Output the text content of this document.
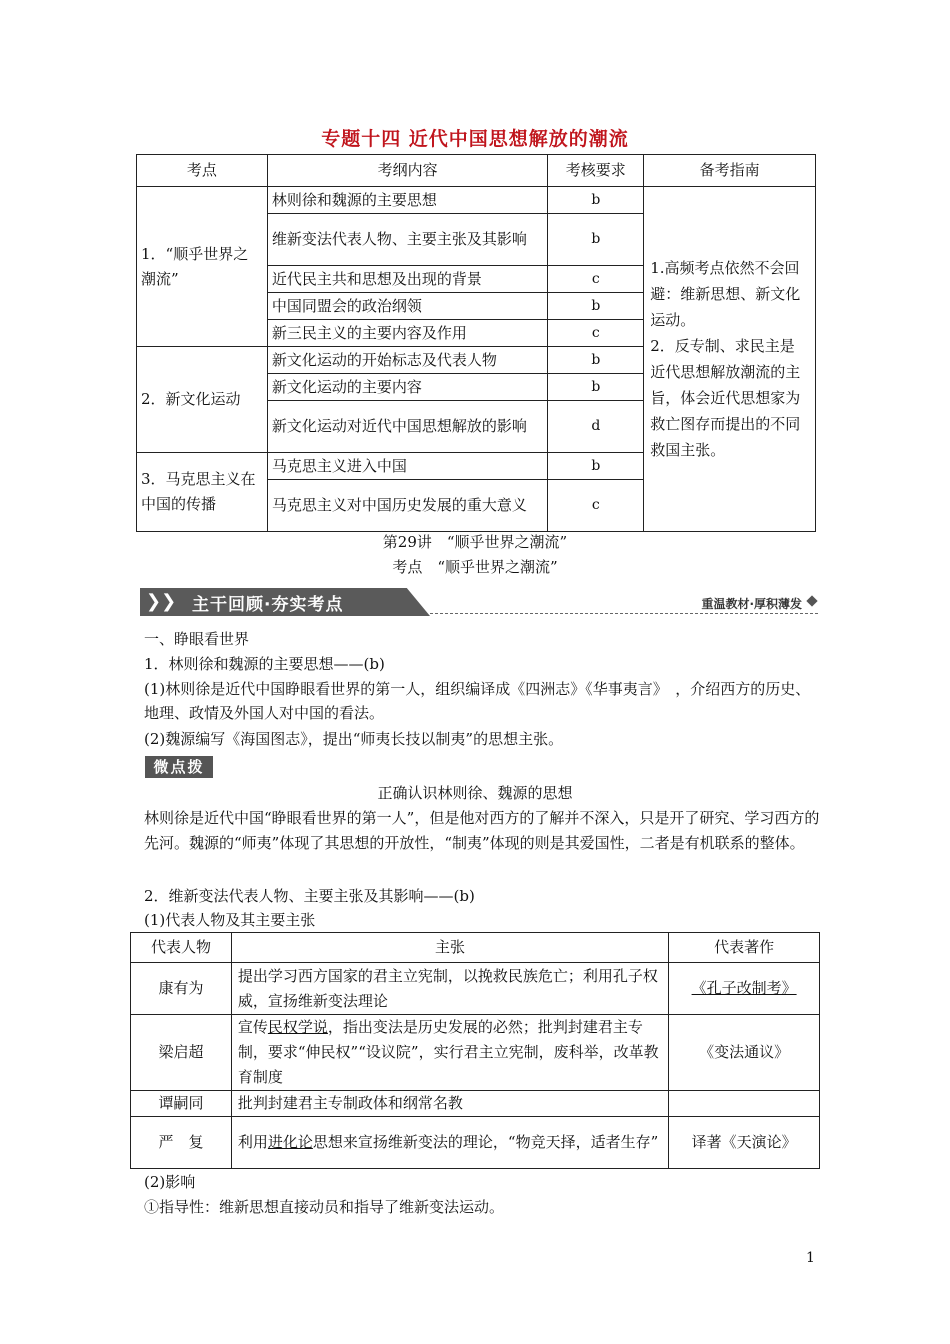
专题十四 近代中国思想解放的潮流
考点	考纲内容	考核要求	备考指南
1．“顺乎世界之潮流”	林则徐和魏源的主要思想	b	1.高频考点依然不会回避：维新思想、新文化运动。
2．反专制、求民主是近代思想解放潮流的主旨，体会近代思想家为救亡图存而提出的不同救国主张。

	维新变法代表人物、主要主张及其影响	b	
	近代民主共和思想及出现的背景	c	
	中国同盟会的政治纲领	b	
	新三民主义的主要内容及作用	c	
2．新文化运动	新文化运动的开始标志及代表人物	b	
	新文化运动的主要内容	b	
	新文化运动对近代中国思想解放的影响	d	
3．马克思主义在中国的传播	马克思主义进入中国	b	
	马克思主义对中国历史发展的重大意义	c	
第29讲　“顺乎世界之潮流”
考点　“顺乎世界之潮流”
❯❯ 主干回顾·夯实考点	重温教材·厚积薄发
一、睁眼看世界
1．林则徐和魏源的主要思想——(b)
(1)林则徐是近代中国睁眼看世界的第一人，组织编译成《四洲志》《华事夷言》　，介绍西方的历史、地理、政情及外国人对中国的看法。
(2)魏源编写《海国图志》，提出“师夷长技以制夷”的思想主张。
微点拨
正确认识林则徐、魏源的思想
林则徐是近代中国“睁眼看世界的第一人”，但是他对西方的了解并不深入，只是开了研究、学习西方的先河。魏源的“师夷”体现了其思想的开放性，“制夷”体现的则是其爱国性，二者是有机联系的整体。
2．维新变法代表人物、主要主张及其影响——(b)
(1)代表人物及其主要主张
代表人物	主张	代表著作
康有为	提出学习西方国家的君主立宪制，以挽救民族危亡；利用孔子权威，宣扬维新变法理论	《孔子改制考》
梁启超	宣传民权学说，指出变法是历史发展的必然；批判封建君主专制，要求“伸民权”“设议院”，实行君主立宪制，废科举，改革教育制度	《变法通议》
谭嗣同	批判封建君主专制政体和纲常名教	
严　复	利用进化论思想来宣扬维新变法的理论，“物竞天择，适者生存”	译著《天演论》
(2)影响
①指导性：维新思想直接动员和指导了维新变法运动。
1
